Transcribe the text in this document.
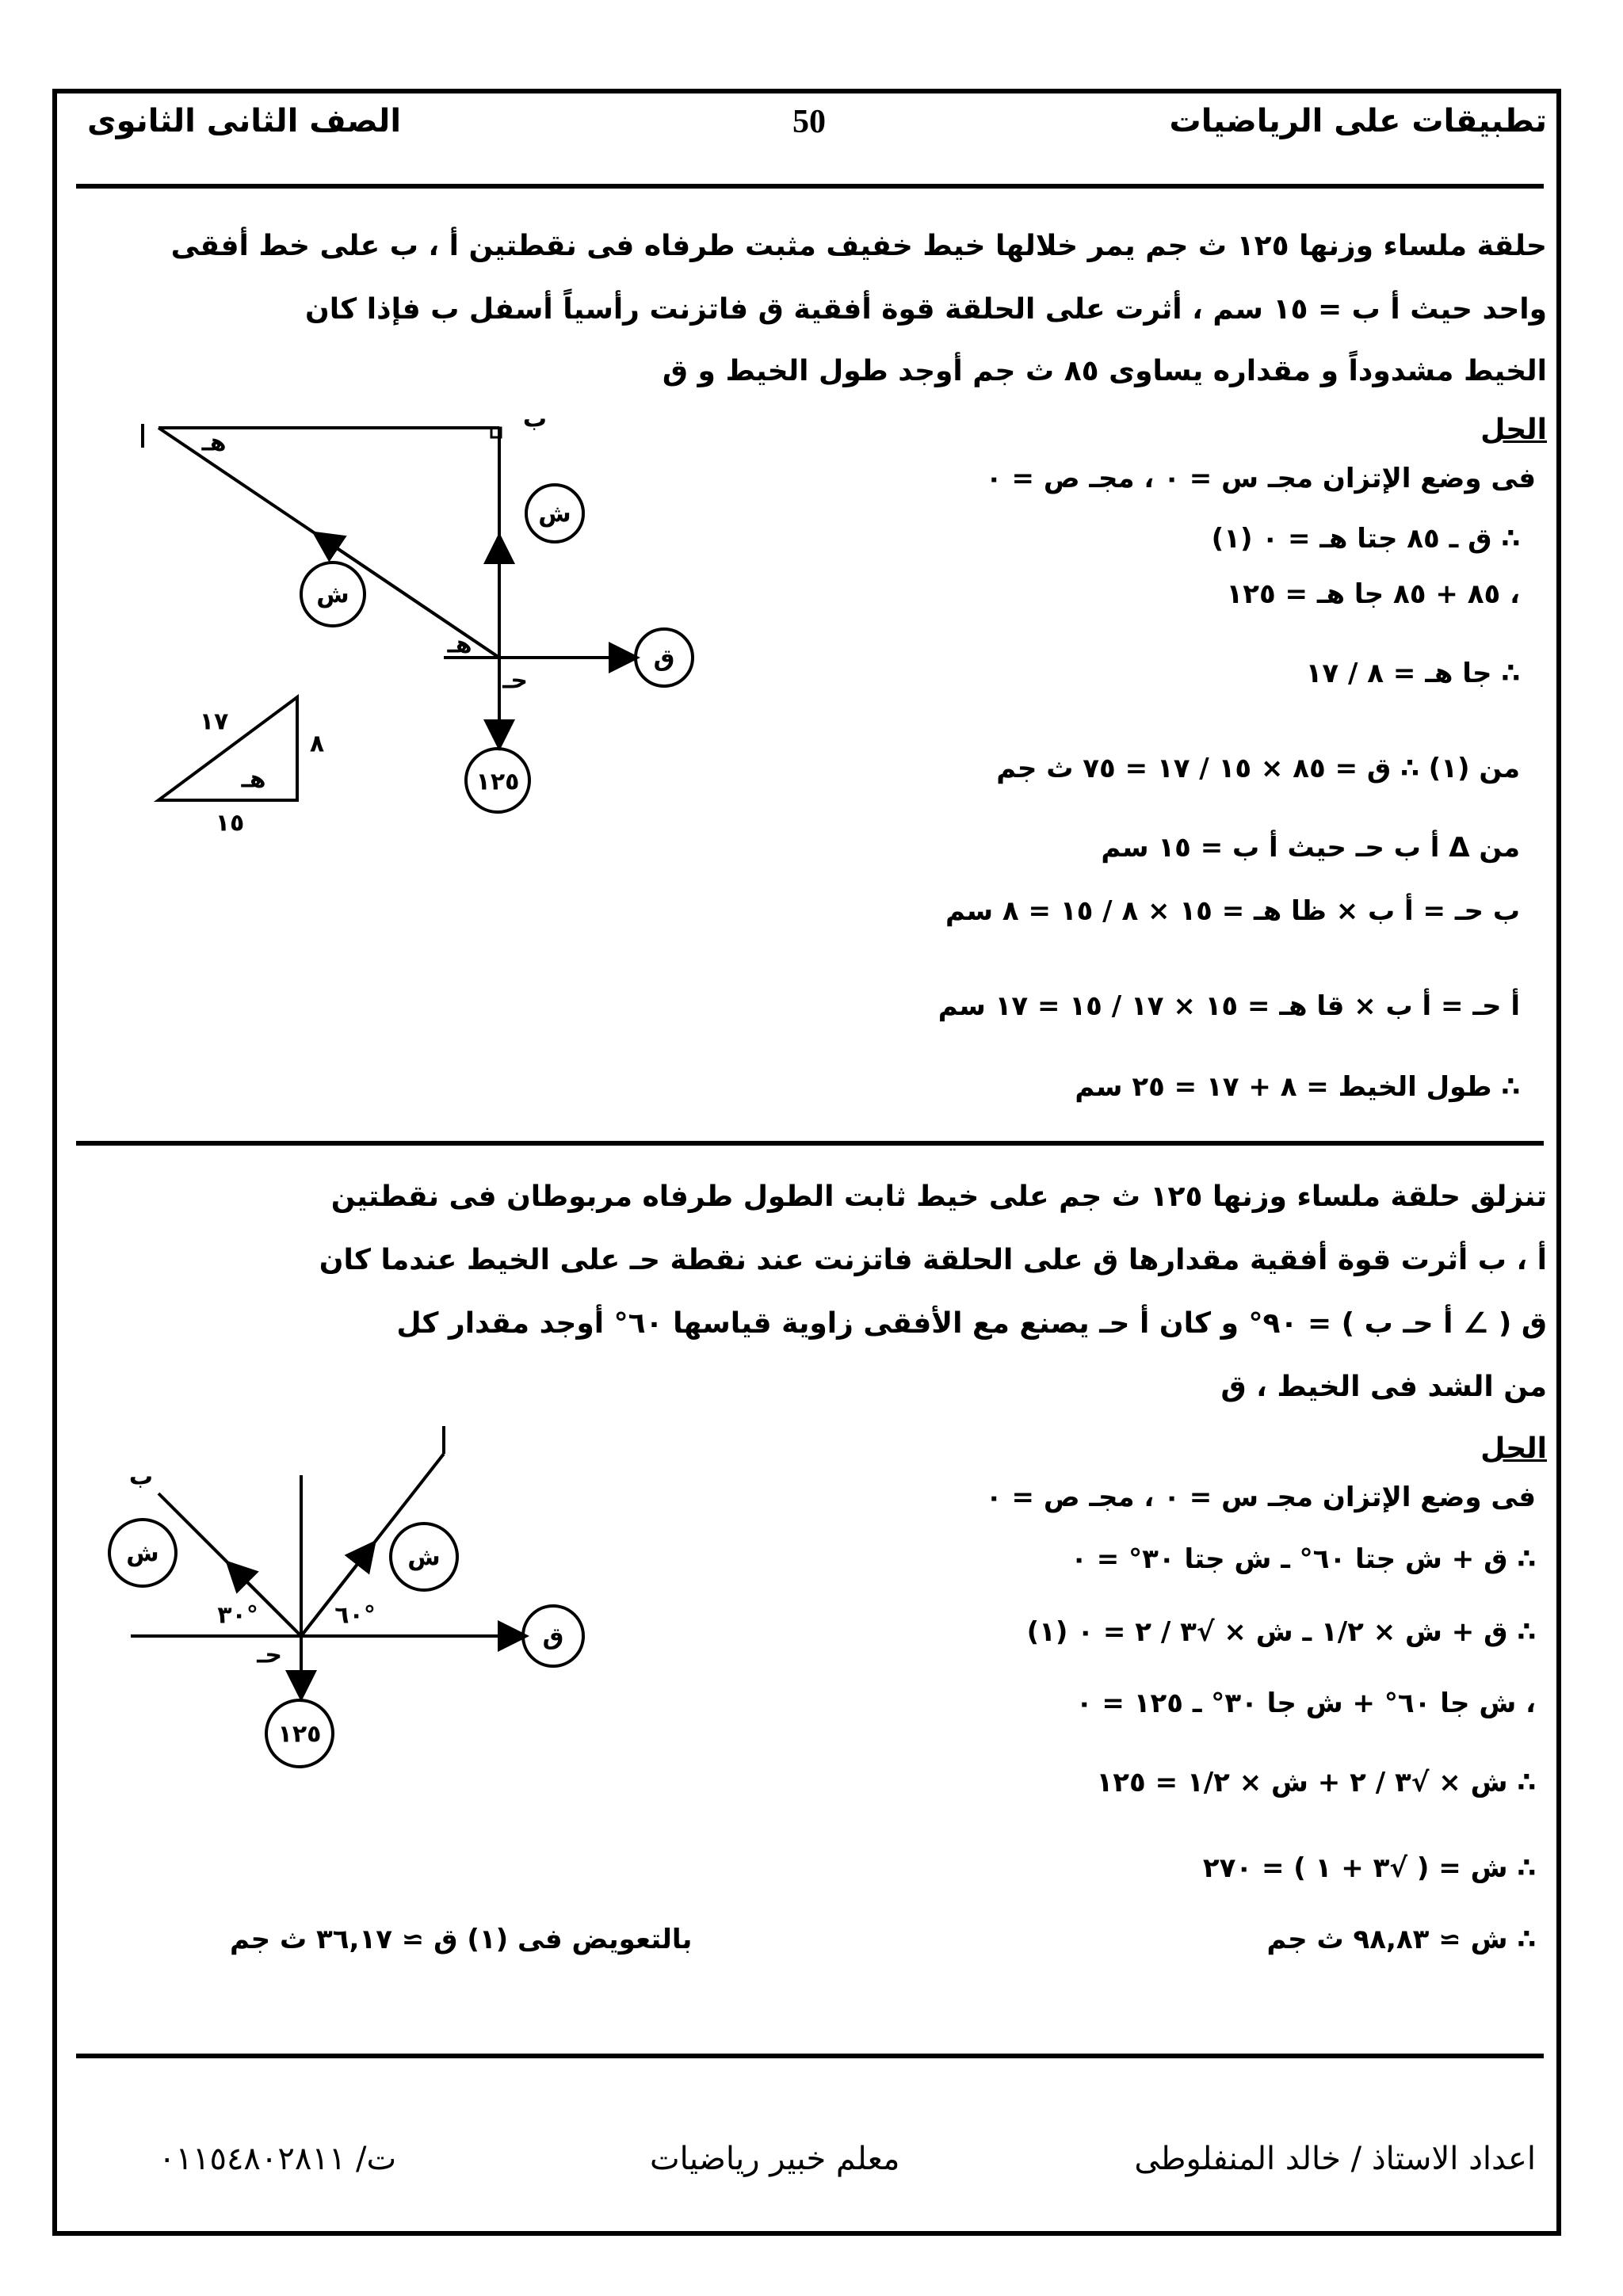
تطبيقات على الرياضيات
50
الصف الثانى الثانوى
حلقة ملساء وزنها ١٢٥ ث جم يمر خلالها خيط خفيف مثبت طرفاه فى نقطتين أ ، ب على خط أفقى
واحد حيث أ ب = ١٥ سم ، أثرت على الحلقة قوة أفقية ق فاتزنت رأسياً أسفل ب فإذا كان
الخيط مشدوداً و مقداره يساوى ٨٥ ث جم أوجد طول الخيط و ق
الحل
فى وضع الإتزان مجـ س = ٠ ، مجـ ص = ٠
∴ ق ـ ٨٥ جتا هـ = ٠ (١)
، ٨٥ + ٨٥ جا هـ = ١٢٥
∴ جا هـ = ٨ / ١٧
من (١) ∴ ق = ٨٥ × ١٥ / ١٧ = ٧٥ ث جم
من Δ أ ب حـ حيث أ ب = ١٥ سم
ب حـ = أ ب × ظا هـ = ١٥ × ٨ / ١٥ = ٨ سم
أ حـ = أ ب × قا هـ = ١٥ × ١٧ / ١٥ = ١٧ سم
∴ طول الخيط = ٨ + ١٧ = ٢٥ سم
تنزلق حلقة ملساء وزنها ١٢٥ ث جم على خيط ثابت الطول طرفاه مربوطان فى نقطتين
أ ، ب أثرت قوة أفقية مقدارها ق على الحلقة فاتزنت عند نقطة حـ على الخيط عندما كان
ق ( ∠ أ حـ ب ) = ٩٠° و كان أ حـ يصنع مع الأفقى زاوية قياسها ٦٠° أوجد مقدار كل
من الشد فى الخيط ، ق
الحل
فى وضع الإتزان مجـ س = ٠ ، مجـ ص = ٠
∴ ق + ش جتا ٦٠° ـ ش جتا ٣٠° = ٠
∴ ق + ش × ١/٢ ـ ش × √٣ / ٢ = ٠ (١)
، ش جا ٦٠° + ش جا ٣٠° ـ ١٢٥ = ٠
∴ ش × √٣ / ٢ + ش × ١/٢ = ١٢٥
∴ ش = ( √٣ + ١ ) = ٢٧٠
∴ ش ≃ ٩٨,٨٣ ث جم
بالتعويض فى (١) ق ≃ ٣٦,١٧ ث جم
اعداد الاستاذ / خالد المنفلوطى
معلم خبير رياضيات
ت/ ٠١١٥٤٨٠٢٨١١
ش
ش
ق
١٢٥
ب
حـ
هـ
هـ
١٧
٨
١٥
هـ
ش	ش
ق
١٢٥
ب
حـ
٣٠°	٦٠°
